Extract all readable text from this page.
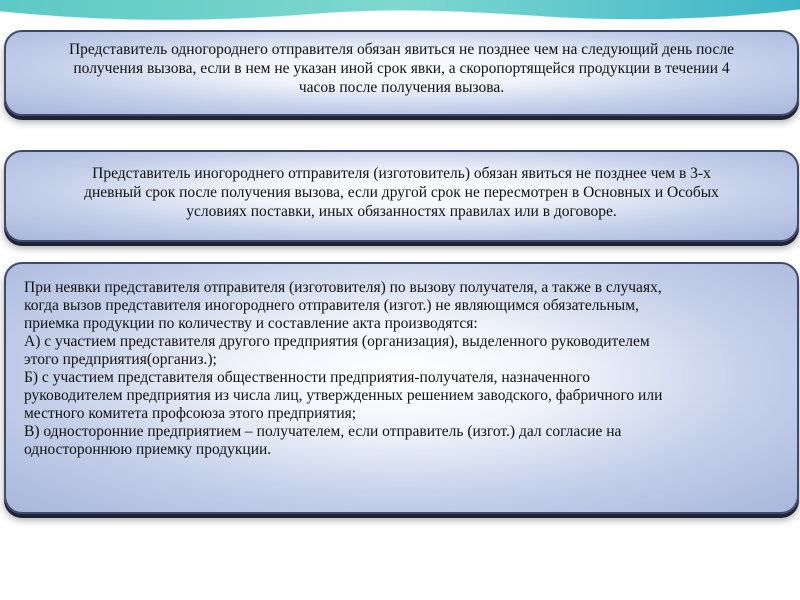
Представитель одногороднего отправителя обязан явиться не позднее чем на следующий день после
получения вызова, если в нем не указан иной срок явки, а скоропортящейся продукции в течении 4
часов после получения вызова.
Представитель иногороднего отправителя (изготовитель) обязан явиться не позднее чем в 3-х
дневный срок после получения вызова, если другой срок не пересмотрен в Основных и Особых
условиях поставки, иных обязанностях правилах или в договоре.
При неявки представителя отправителя (изготовителя) по вызову получателя, а также в случаях,
когда вызов представителя иногороднего отправителя (изгот.) не являющимся обязательным,
приемка продукции по количеству и составление акта производятся:
А) с участием представителя другого предприятия (организация), выделенного руководителем
этого предприятия(организ.);
Б) с участием представителя общественности предприятия-получателя, назначенного
руководителем предприятия из числа лиц, утвержденных решением заводского, фабричного или
местного комитета профсоюза этого предприятия;
В) односторонние предприятием – получателем, если отправитель (изгот.) дал согласие на
одностороннюю приемку продукции.
